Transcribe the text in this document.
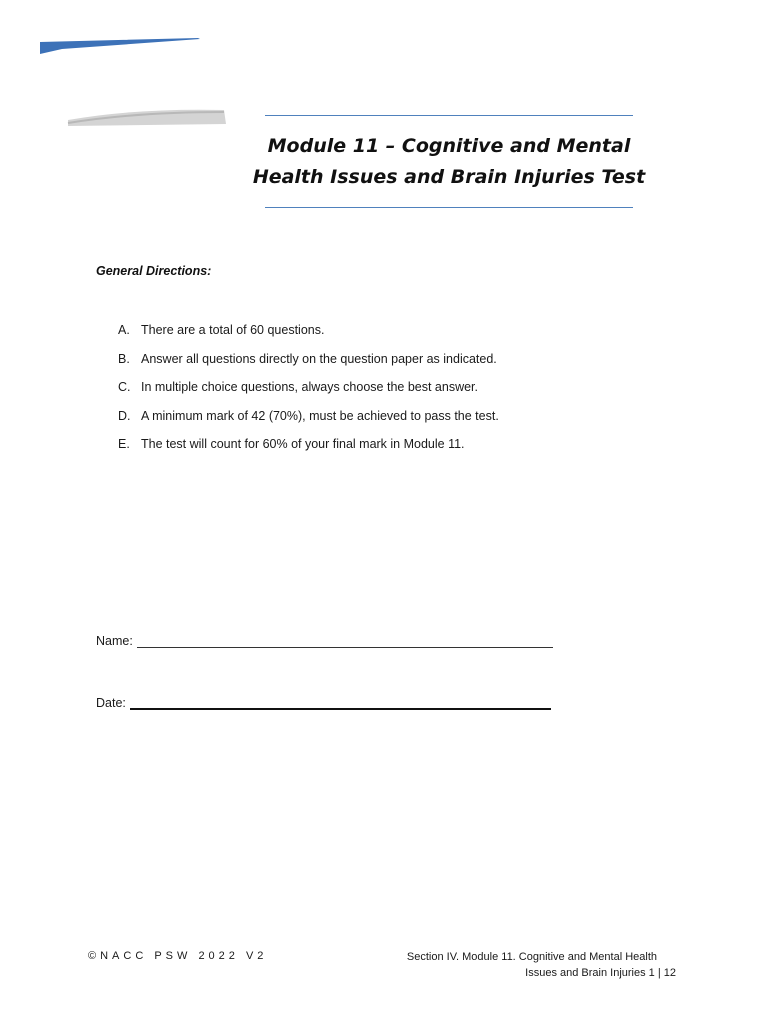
Module 11 – Cognitive and Mental
Health Issues and Brain Injuries Test
General Directions:
A. There are a total of 60 questions.
B. Answer all questions directly on the question paper as indicated.
C. In multiple choice questions, always choose the best answer.
D. A minimum mark of 42 (70%), must be achieved to pass the test.
E. The test will count for 60% of your final mark in Module 11.
Name:
Date:
©NACC PSW 2022 V2	Section IV. Module 11. Cognitive and Mental Health
Issues and Brain Injuries 1 | 12
